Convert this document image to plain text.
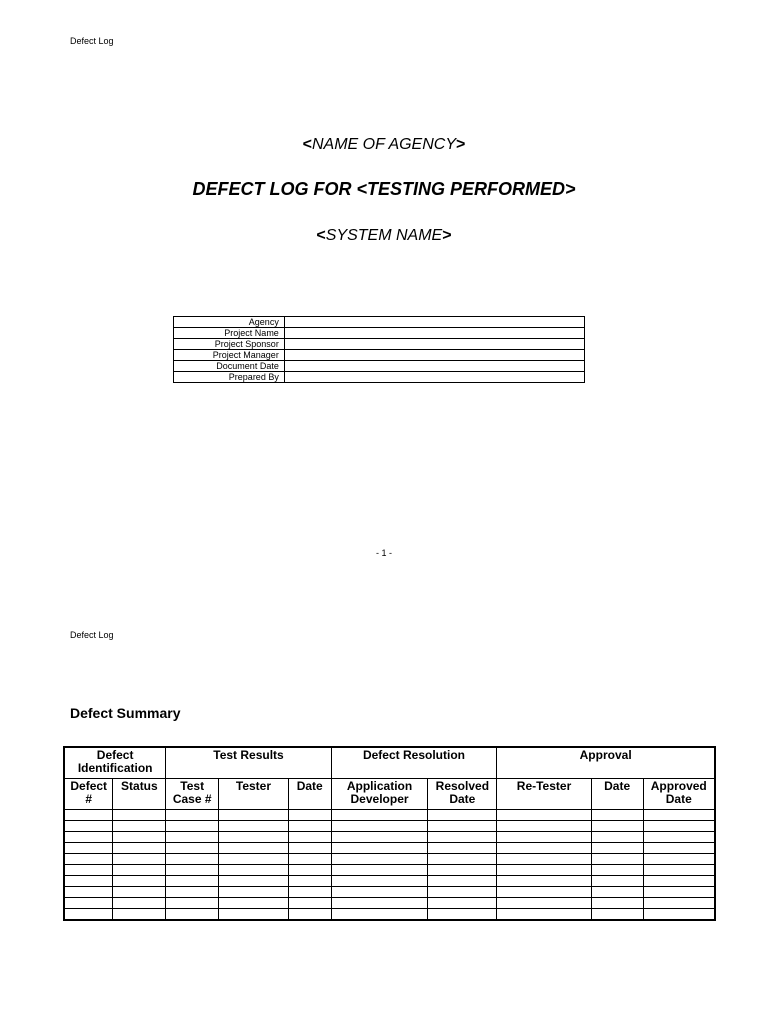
Defect Log
<NAME OF AGENCY>
DEFECT LOG FOR <TESTING PERFORMED>
<SYSTEM NAME>
Agency	
Project Name	
Project Sponsor	
Project Manager	
Document Date	
Prepared By	
- 1 -
Defect Log
Defect Summary
Defect Identification		Test Results			Defect Resolution		Approval		
Defect #	Status	Test Case #	Tester	Date	Application Developer	Resolved Date	Re-Tester	Date	Approved Date
